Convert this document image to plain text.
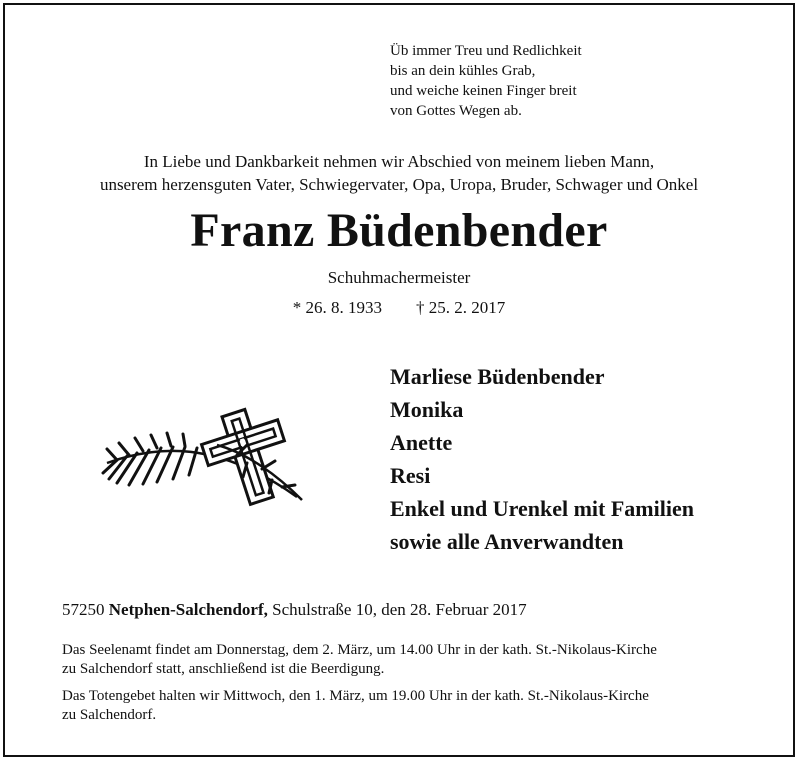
Üb immer Treu und Redlichkeit
bis an dein kühles Grab,
und weiche keinen Finger breit
von Gottes Wegen ab.
In Liebe und Dankbarkeit nehmen wir Abschied von meinem lieben Mann,
unserem herzensguten Vater, Schwiegervater, Opa, Uropa, Bruder, Schwager und Onkel
Franz Büdenbender
Schuhmachermeister
* 26. 8. 1933 † 25. 2. 2017
Marliese Büdenbender
Monika
Anette
Resi
Enkel und Urenkel mit Familien
sowie alle Anverwandten
57250 Netphen-Salchendorf, Schulstraße 10, den 28. Februar 2017
Das Seelenamt findet am Donnerstag, dem 2. März, um 14.00 Uhr in der kath. St.-Nikolaus-Kirche
zu Salchendorf statt, anschließend ist die Beerdigung.
Das Totengebet halten wir Mittwoch, den 1. März, um 19.00 Uhr in der kath. St.-Nikolaus-Kirche
zu Salchendorf.
